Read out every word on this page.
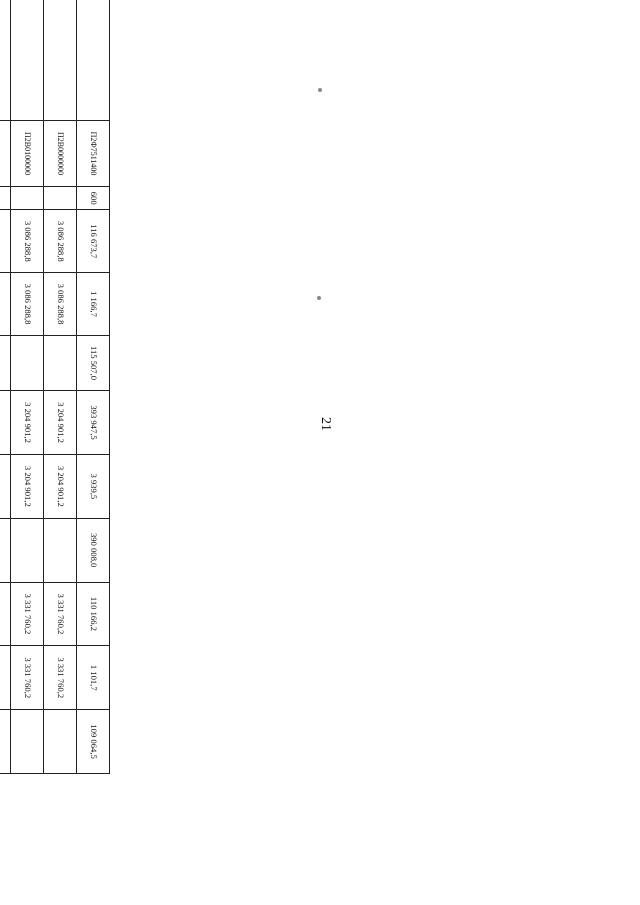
21
	П2Ф7511400	600	116 673,7	1 166,7	115 507,0	393 947,5	3 939,5	390 008,0	110 166,2	1 101,7	109 064,5
	П2В0000000		3 086 288,8	3 086 288,8		3 204 901,2	3 204 901,2		3 331 760,2	3 331 760,2	
	П2В0100000		3 086 288,8	3 086 288,8		3 204 901,2	3 204 901,2		3 331 760,2	3 331 760,2	
